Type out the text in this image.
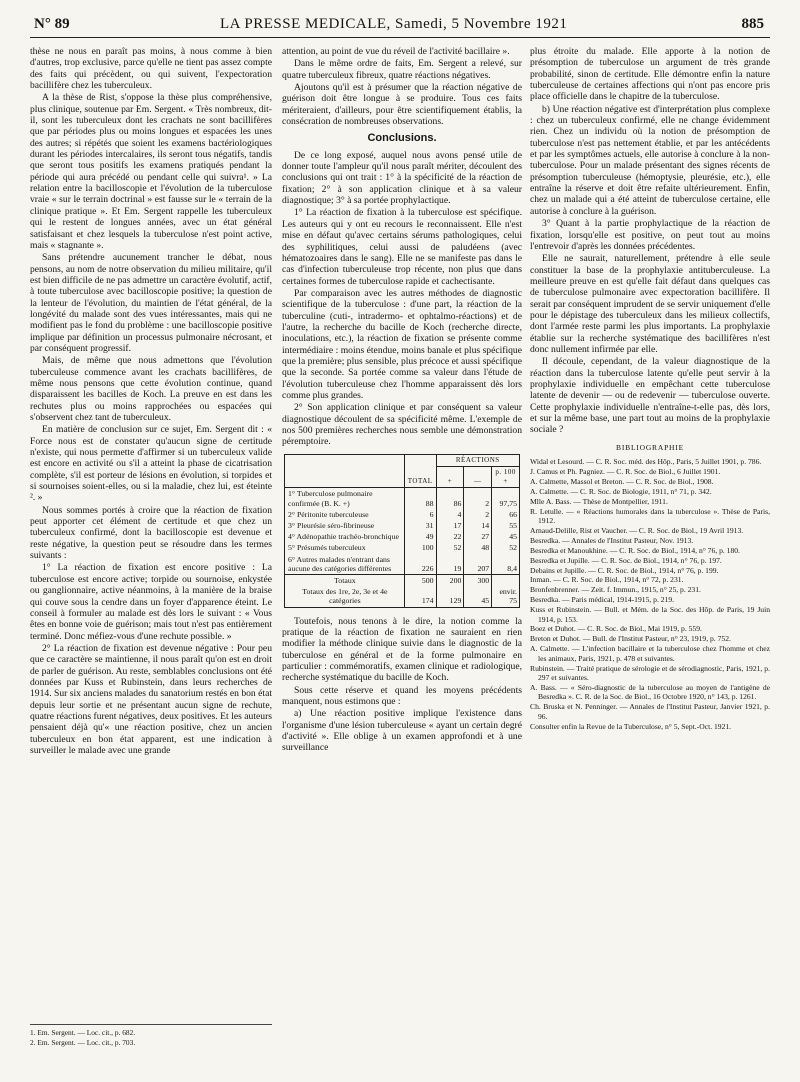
N° 89	LA PRESSE MEDICALE, Samedi, 5 Novembre 1921	885

thèse ne nous en paraît pas moins, à nous comme à bien d'autres, trop exclusive, parce qu'elle ne tient pas assez compte des faits qui précèdent, ou qui suivent, l'expectoration bacillifère chez les tuberculeux.

A la thèse de Rist, s'oppose la thèse plus compréhensive, plus clinique, soutenue par Em. Sergent. « Très nombreux, dit-il, sont les tuberculeux dont les crachats ne sont bacillifères que par périodes plus ou moins longues et espacées les unes des autres; si répétés que soient les examens bactériologiques durant les périodes intercalaires, ils seront tous négatifs, tandis que seront tous positifs les examens pratiqués pendant la période qui aura précédé ou pendant celle qui suivra¹. » La relation entre la bacilloscopie et l'évolution de la tuberculose vraie « sur le terrain doctrinal » est fausse sur le « terrain de la clinique pratique ». Et Em. Sergent rappelle les tuberculeux qui le restent de longues années, avec un état général satisfaisant et chez lesquels la tuberculose n'est point active, mais « stagnante ».

Sans prétendre aucunement trancher le débat, nous pensons, au nom de notre observation du milieu militaire, qu'il est bien difficile de ne pas admettre un caractère évolutif, actif, à toute tuberculose avec bacilloscopie positive; la question de la lenteur de l'évolution, du maintien de l'état général, de la longévité du malade sont des vues intéressantes, mais qui ne modifient pas le fond du problème : une bacilloscopie positive implique par définition un processus pulmonaire nécrosant, et par conséquent progressif.

Mais, de même que nous admettons que l'évolution tuberculeuse commence avant les crachats bacillifères, de même nous pensons que cette évolution continue, quand disparaissent les bacilles de Koch. La preuve en est dans les rechutes plus ou moins rapprochées ou espacées qui s'observent chez tant de tuberculeux.

En matière de conclusion sur ce sujet, Em. Sergent dit : « Force nous est de constater qu'aucun signe de certitude n'existe, qui nous permette d'affirmer si un tuberculeux valide est encore en activité ou s'il a atteint la phase de cicatrisation complète, s'il est porteur de lésions en évolution, si torpides et si sournoises soient-elles, ou si la maladie, chez lui, est éteinte ². »

Nous sommes portés à croire que la réaction de fixation peut apporter cet élément de certitude et que chez un tuberculeux confirmé, dont la bacilloscopie est devenue et reste négative, la question peut se résoudre dans les termes suivants :

1° La réaction de fixation est encore positive : La tuberculose est encore active; torpide ou sournoise, enkystée ou ganglionnaire, active néanmoins, à la manière de la braise qui couve sous la cendre dans un foyer d'apparence éteint. Le conseil à formuler au malade est dès lors le suivant : « Vous êtes en bonne voie de guérison; mais tout n'est pas entièrement terminé. Donc méfiez-vous d'une rechute possible. »

2° La réaction de fixation est devenue négative : Pour peu que ce caractère se maintienne, il nous paraît qu'on est en droit de parler de guérison. Au reste, semblables conclusions ont été données par Kuss et Rubinstein, dans leurs recherches de 1914. Sur six anciens malades du sanatorium restés en bon état depuis leur sortie et ne présentant aucun signe de rechute, quatre réactions furent négatives, deux positives. Et les auteurs pensaient déjà qu'« une réaction positive, chez un ancien tuberculeux en bon état apparent, est une indication à surveiller le malade avec une grande

1. Em. Sergent. — Loc. cit., p. 682.

2. Em. Sergent. — Loc. cit., p. 703.

attention, au point de vue du réveil de l'activité bacillaire ».

Dans le même ordre de faits, Em. Sergent a relevé, sur quatre tuberculeux fibreux, quatre réactions négatives.

Ajoutons qu'il est à présumer que la réaction négative de guérison doit être longue à se produire. Tous ces faits mériteraient, d'ailleurs, pour être scientifiquement établis, la consécration de nombreuses observations.

Conclusions.

De ce long exposé, auquel nous avons pensé utile de donner toute l'ampleur qu'il nous paraît mériter, découlent des conclusions qui ont trait : 1° à la spécificité de la réaction de fixation; 2° à son application clinique et à sa valeur diagnostique; 3° à sa portée prophylactique.

1° La réaction de fixation à la tuberculose est spécifique. Les auteurs qui y ont eu recours le reconnaissent. Elle n'est mise en défaut qu'avec certains sérums pathologiques, celui des syphilitiques, celui aussi de paludéens (avec hématozoaires dans le sang). Elle ne se manifeste pas dans le cas d'infection tuberculeuse trop récente, non plus que dans certaines formes de tuberculose rapide et cachectisante.

Par comparaison avec les autres méthodes de diagnostic scientifique de la tuberculose : d'une part, la réaction de la tuberculine (cuti-, intradermo- et ophtalmo-réactions) et de l'autre, la recherche du bacille de Koch (recherche directe, inoculations, etc.), la réaction de fixation se présente comme intermédiaire : moins étendue, moins banale et plus spécifique que la première; plus sensible, plus précoce et aussi spécifique que la seconde. Sa portée comme sa valeur dans l'étude de l'évolution tuberculeuse chez l'homme apparaissent dès lors comme plus grandes.

2° Son application clinique et par conséquent sa valeur diagnostique découlent de sa spécificité même. L'exemple de nos 500 premières recherches nous semble une démonstration péremptoire.

	TOTAL	RÉACTIONS		
		+	—	p. 100 +
1° Tuberculose pulmonaire confirmée (B. K. +)	88	86	2	97,75
2° Péritonite tuberculeuse	6	4	2	66
3° Pleurésie séro-fibrineuse	31	17	14	55
4° Adénopathie trachéo-bronchique	49	22	27	45
5° Présumés tuberculeux	100	52	48	52
6° Autres malades n'entrant dans aucune des catégories différentes	226	19	207	8,4
Totaux	500	200	300	
Totaux des 1re, 2e, 3e et 4e catégories	174	129	45	envir. 75

Toutefois, nous tenons à le dire, la notion comme la pratique de la réaction de fixation ne sauraient en rien modifier la méthode clinique suivie dans le diagnostic de la tuberculose en général et de la forme pulmonaire en particulier : commémoratifs, examen clinique et radiologique, recherche systématique du bacille de Koch.

Sous cette réserve et quand les moyens précédents manquent, nous estimons que :

a) Une réaction positive implique l'existence dans l'organisme d'une lésion tuberculeuse « ayant un certain degré d'activité ». Elle oblige à un examen approfondi et à une surveillance

plus étroite du malade. Elle apporte à la notion de présomption de tuberculose un argument de très grande probabilité, sinon de certitude. Elle démontre enfin la nature tuberculeuse de certaines affections qui n'ont pas encore pris place officielle dans le chapitre de la tuberculose.

b) Une réaction négative est d'interprétation plus complexe : chez un tuberculeux confirmé, elle ne change évidemment rien. Chez un individu où la notion de présomption de tuberculose n'est pas nettement établie, et par les antécédents et par les symptômes actuels, elle autorise à conclure à la non-tuberculose. Pour un malade présentant des signes récents de présomption tuberculeuse (hémoptysie, pleurésie, etc.), elle entraîne la réserve et doit être refaite ultérieurement. Enfin, chez un malade qui a été atteint de tuberculose certaine, elle autorise à conclure à la guérison.

3° Quant à la partie prophylactique de la réaction de fixation, lorsqu'elle est positive, on peut tout au moins l'entrevoir d'après les données précédentes.

Elle ne saurait, naturellement, prétendre à elle seule constituer la base de la prophylaxie antituberculeuse. La meilleure preuve en est qu'elle fait défaut dans quelques cas de tuberculose pulmonaire avec expectoration bacillifère. Il serait par conséquent imprudent de se servir uniquement d'elle pour le dépistage des tuberculeux dans les milieux collectifs, dont l'armée reste parmi les plus importants. La prophylaxie établie sur la recherche systématique des bacillifères n'est donc nullement infirmée par elle.

Il découle, cependant, de la valeur diagnostique de la réaction dans la tuberculose latente qu'elle peut servir à la prophylaxie individuelle en empêchant cette tuberculose latente de devenir — ou de redevenir — tuberculose ouverte. Cette prophylaxie individuelle n'entraîne-t-elle pas, dès lors, et sur la même base, une part tout au moins de la prophylaxie sociale ?

BIBLIOGRAPHIE

Widal et Lesourd. — C. R. Soc. méd. des Hôp., Paris, 5 Juillet 1901, p. 786.

J. Camus et Ph. Pagniez. — C. R. Soc. de Biol., 6 Juillet 1901.

A. Calmette, Massol et Breton. — C. R. Soc. de Biol., 1908.

A. Calmette. — C. R. Soc. de Biologie, 1911, n° 71, p. 342.

Mlle A. Bass. — Thèse de Montpellier, 1911.

R. Letulle. — « Réactions humorales dans la tuberculose ». Thèse de Paris, 1912.

Arnaud-Delille, Rist et Vaucher. — C. R. Soc. de Biol., 19 Avril 1913.

Besredka. — Annales de l'Institut Pasteur, Nov. 1913.

Besredka et Manoukhine. — C. R. Soc. de Biol., 1914, n° 76, p. 180.

Besredka et Jupille. — C. R. Soc. de Biol., 1914, n° 76, p. 197.

Debains et Jupille. — C. R. Soc. de Biol., 1914, n° 76, p. 199.

Inman. — C. R. Soc. de Biol., 1914, n° 72, p. 231.

Bronfenbrenner. — Zeit. f. Immun., 1915, n° 25, p. 231.

Besredka. — Paris médical, 1914-1915, p. 219.

Kuss et Rubinstein. — Bull. et Mém. de la Soc. des Hôp. de Paris, 19 Juin 1914, p. 153.

Boez et Duhot. — C. R. Soc. de Biol., Mai 1919, p. 559.

Breton et Duhot. — Bull. de l'Institut Pasteur, n° 23, 1919, p. 752.

A. Calmette. — L'infection bacillaire et la tuberculose chez l'homme et chez les animaux, Paris, 1921, p. 478 et suivantes.

Rubinstein. — Traité pratique de sérologie et de sérodiagnostic, Paris, 1921, p. 297 et suivantes.

A. Bass. — « Séro-diagnostic de la tuberculose au moyen de l'antigène de Besredka ». C. R. de la Soc. de Biol., 16 Octobre 1920, n° 143, p. 1261.

Ch. Bruska et N. Penninger. — Annales de l'Institut Pasteur, Janvier 1921, p. 96.

Consulter enfin la Revue de la Tuberculose, n° 5, Sept.-Oct. 1921.
